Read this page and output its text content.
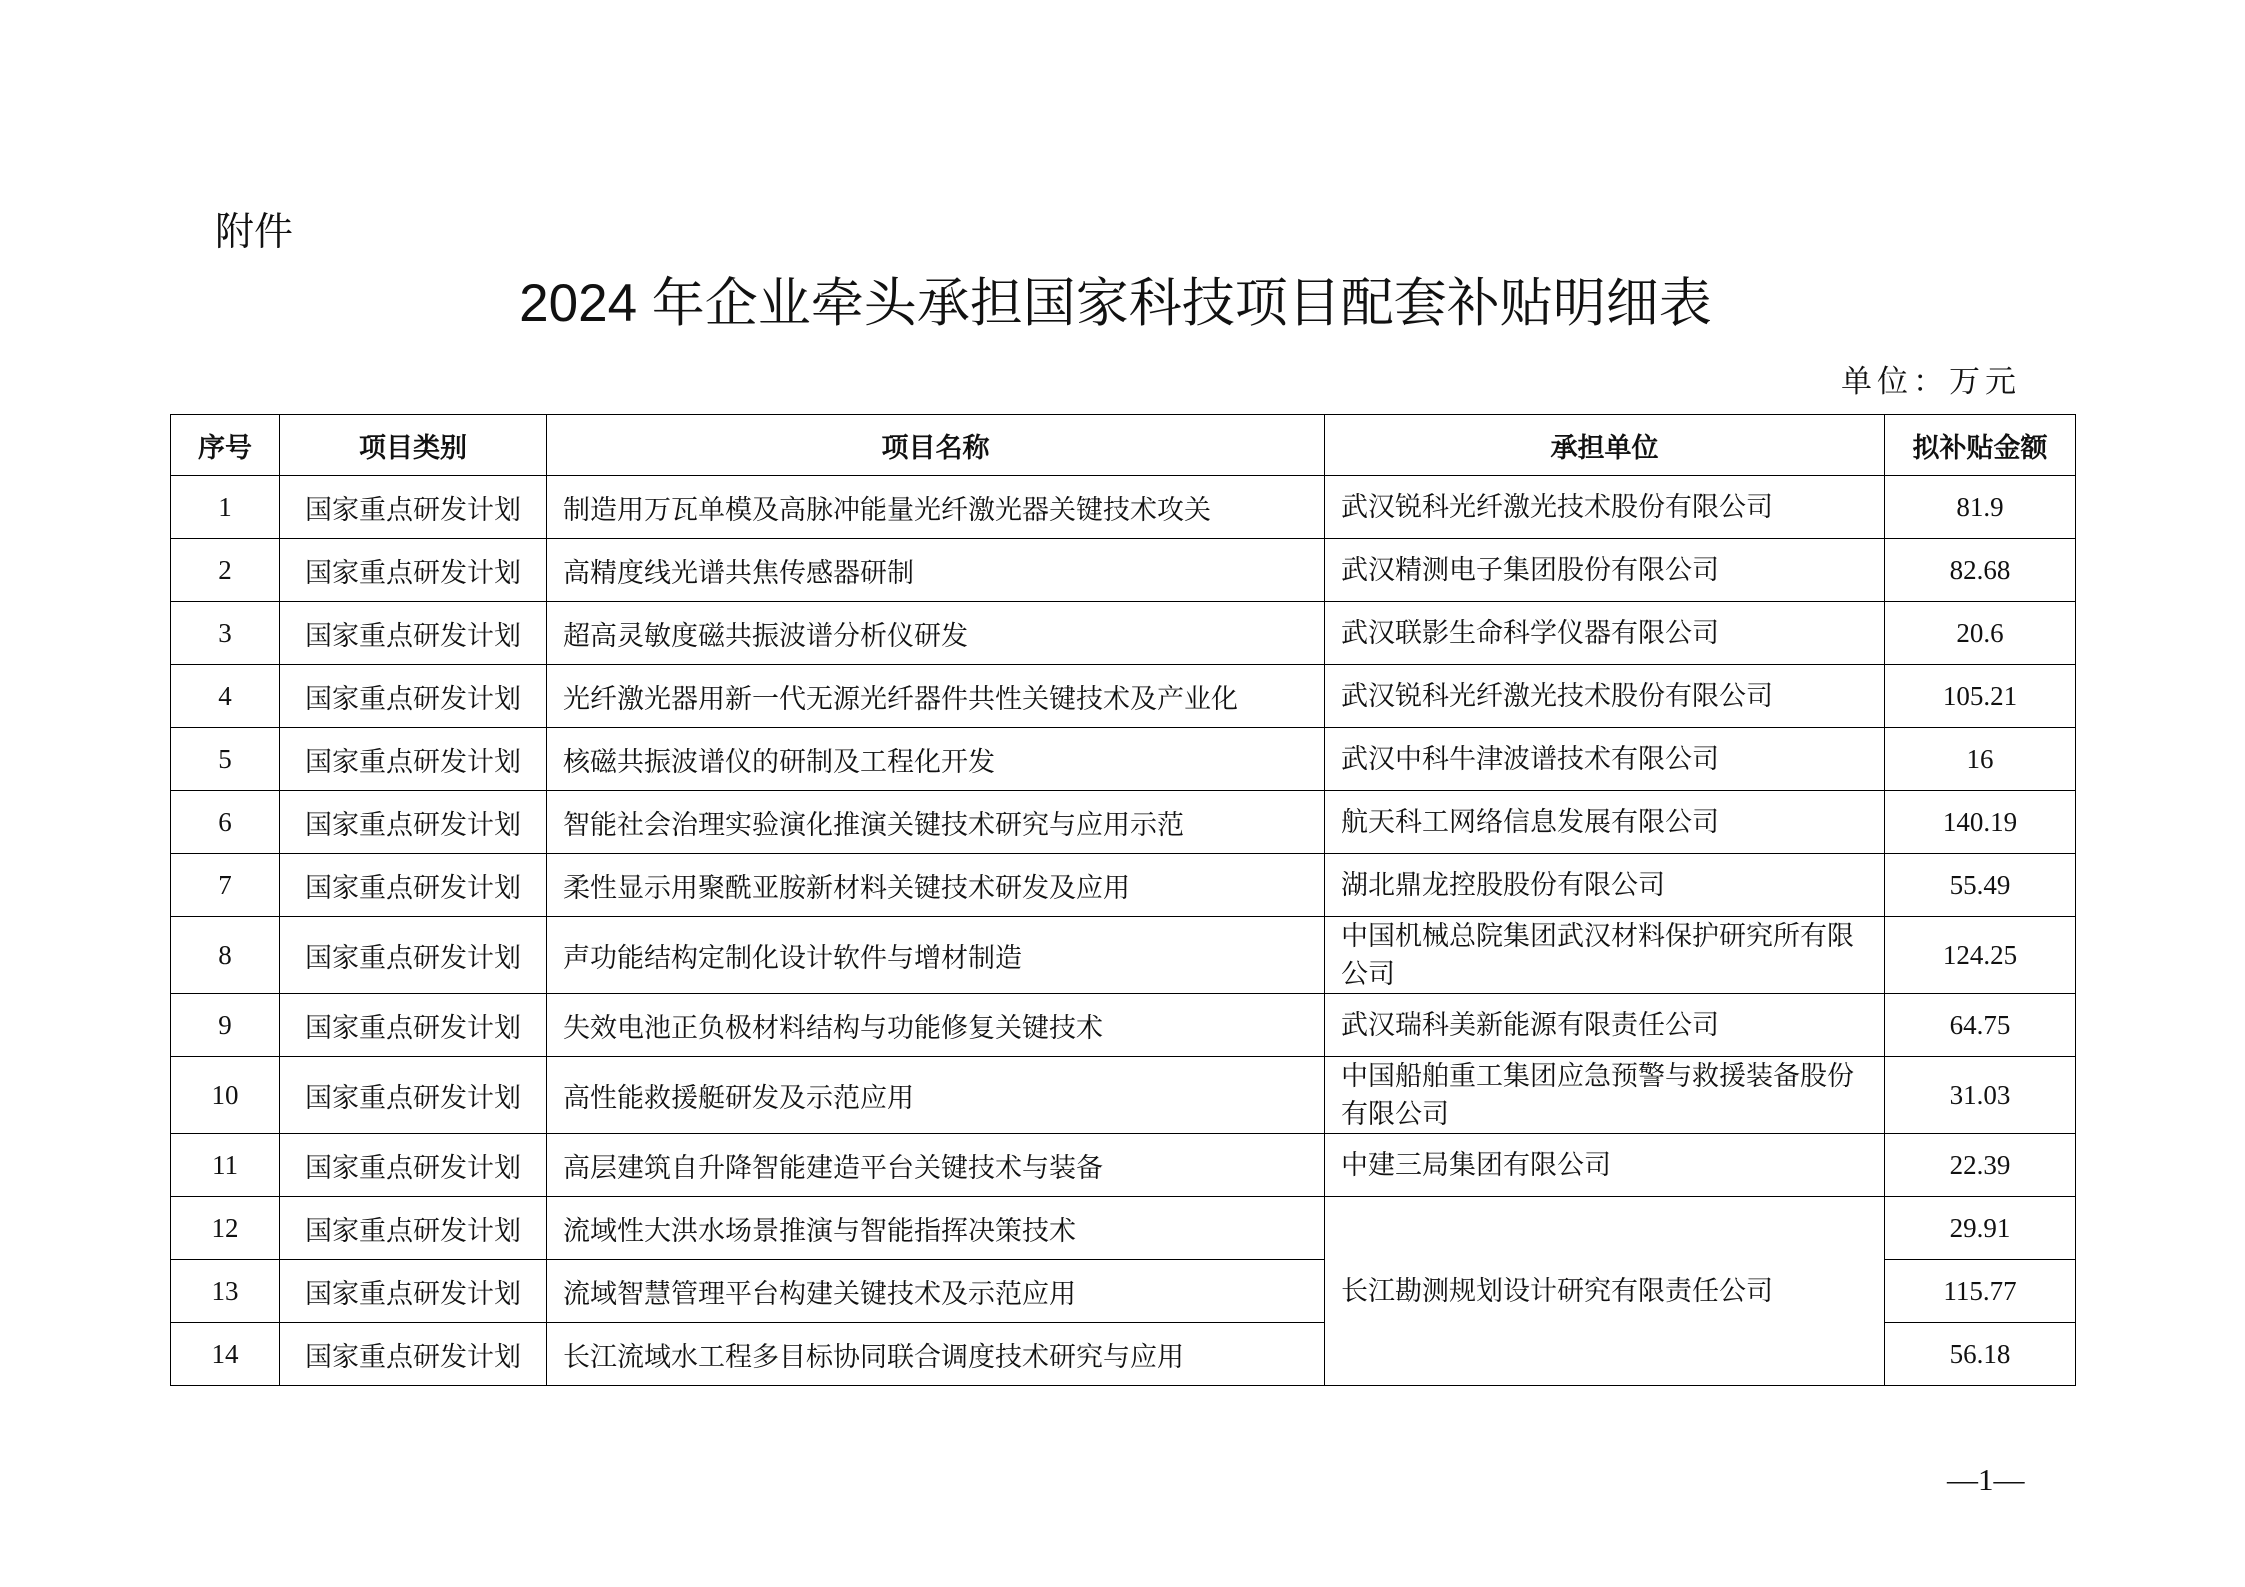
附件
2024 年企业牵头承担国家科技项目配套补贴明细表
单位：万元
序号	项目类别	项目名称	承担单位	拟补贴金额
1	国家重点研发计划	制造用万瓦单模及高脉冲能量光纤激光器关键技术攻关	武汉锐科光纤激光技术股份有限公司	81.9
2	国家重点研发计划	高精度线光谱共焦传感器研制	武汉精测电子集团股份有限公司	82.68
3	国家重点研发计划	超高灵敏度磁共振波谱分析仪研发	武汉联影生命科学仪器有限公司	20.6
4	国家重点研发计划	光纤激光器用新一代无源光纤器件共性关键技术及产业化	武汉锐科光纤激光技术股份有限公司	105.21
5	国家重点研发计划	核磁共振波谱仪的研制及工程化开发	武汉中科牛津波谱技术有限公司	16
6	国家重点研发计划	智能社会治理实验演化推演关键技术研究与应用示范	航天科工网络信息发展有限公司	140.19
7	国家重点研发计划	柔性显示用聚酰亚胺新材料关键技术研发及应用	湖北鼎龙控股股份有限公司	55.49
8	国家重点研发计划	声功能结构定制化设计软件与增材制造	中国机械总院集团武汉材料保护研究所有限公司	124.25
9	国家重点研发计划	失效电池正负极材料结构与功能修复关键技术	武汉瑞科美新能源有限责任公司	64.75
10	国家重点研发计划	高性能救援艇研发及示范应用	中国船舶重工集团应急预警与救援装备股份有限公司	31.03
11	国家重点研发计划	高层建筑自升降智能建造平台关键技术与装备	中建三局集团有限公司	22.39
12	国家重点研发计划	流域性大洪水场景推演与智能指挥决策技术	长江勘测规划设计研究有限责任公司	29.91
13	国家重点研发计划	流域智慧管理平台构建关键技术及示范应用		115.77
14	国家重点研发计划	长江流域水工程多目标协同联合调度技术研究与应用		56.18
—1—
